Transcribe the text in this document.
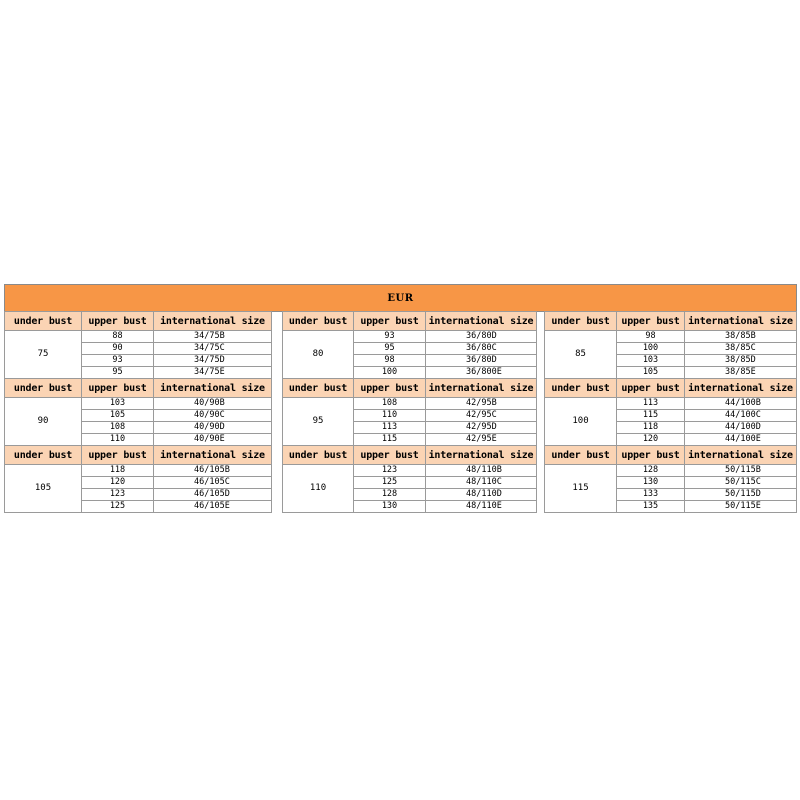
EUR
under bust	upper bust	international size
75	88	34/75B
	90	34/75C
	93	34/75D
	95	34/75E
under bust	upper bust	international size
80	93	36/80D
	95	36/80C
	98	36/80D
	100	36/800E
under bust	upper bust	international size
85	98	38/85B
	100	38/85C
	103	38/85D
	105	38/85E
under bust	upper bust	international size
90	103	40/90B
	105	40/90C
	108	40/90D
	110	40/90E
under bust	upper bust	international size
95	108	42/95B
	110	42/95C
	113	42/95D
	115	42/95E
under bust	upper bust	international size
100	113	44/100B
	115	44/100C
	118	44/100D
	120	44/100E
under bust	upper bust	international size
105	118	46/105B
	120	46/105C
	123	46/105D
	125	46/105E
under bust	upper bust	international size
110	123	48/110B
	125	48/110C
	128	48/110D
	130	48/110E
under bust	upper bust	international size
115	128	50/115B
	130	50/115C
	133	50/115D
	135	50/115E
